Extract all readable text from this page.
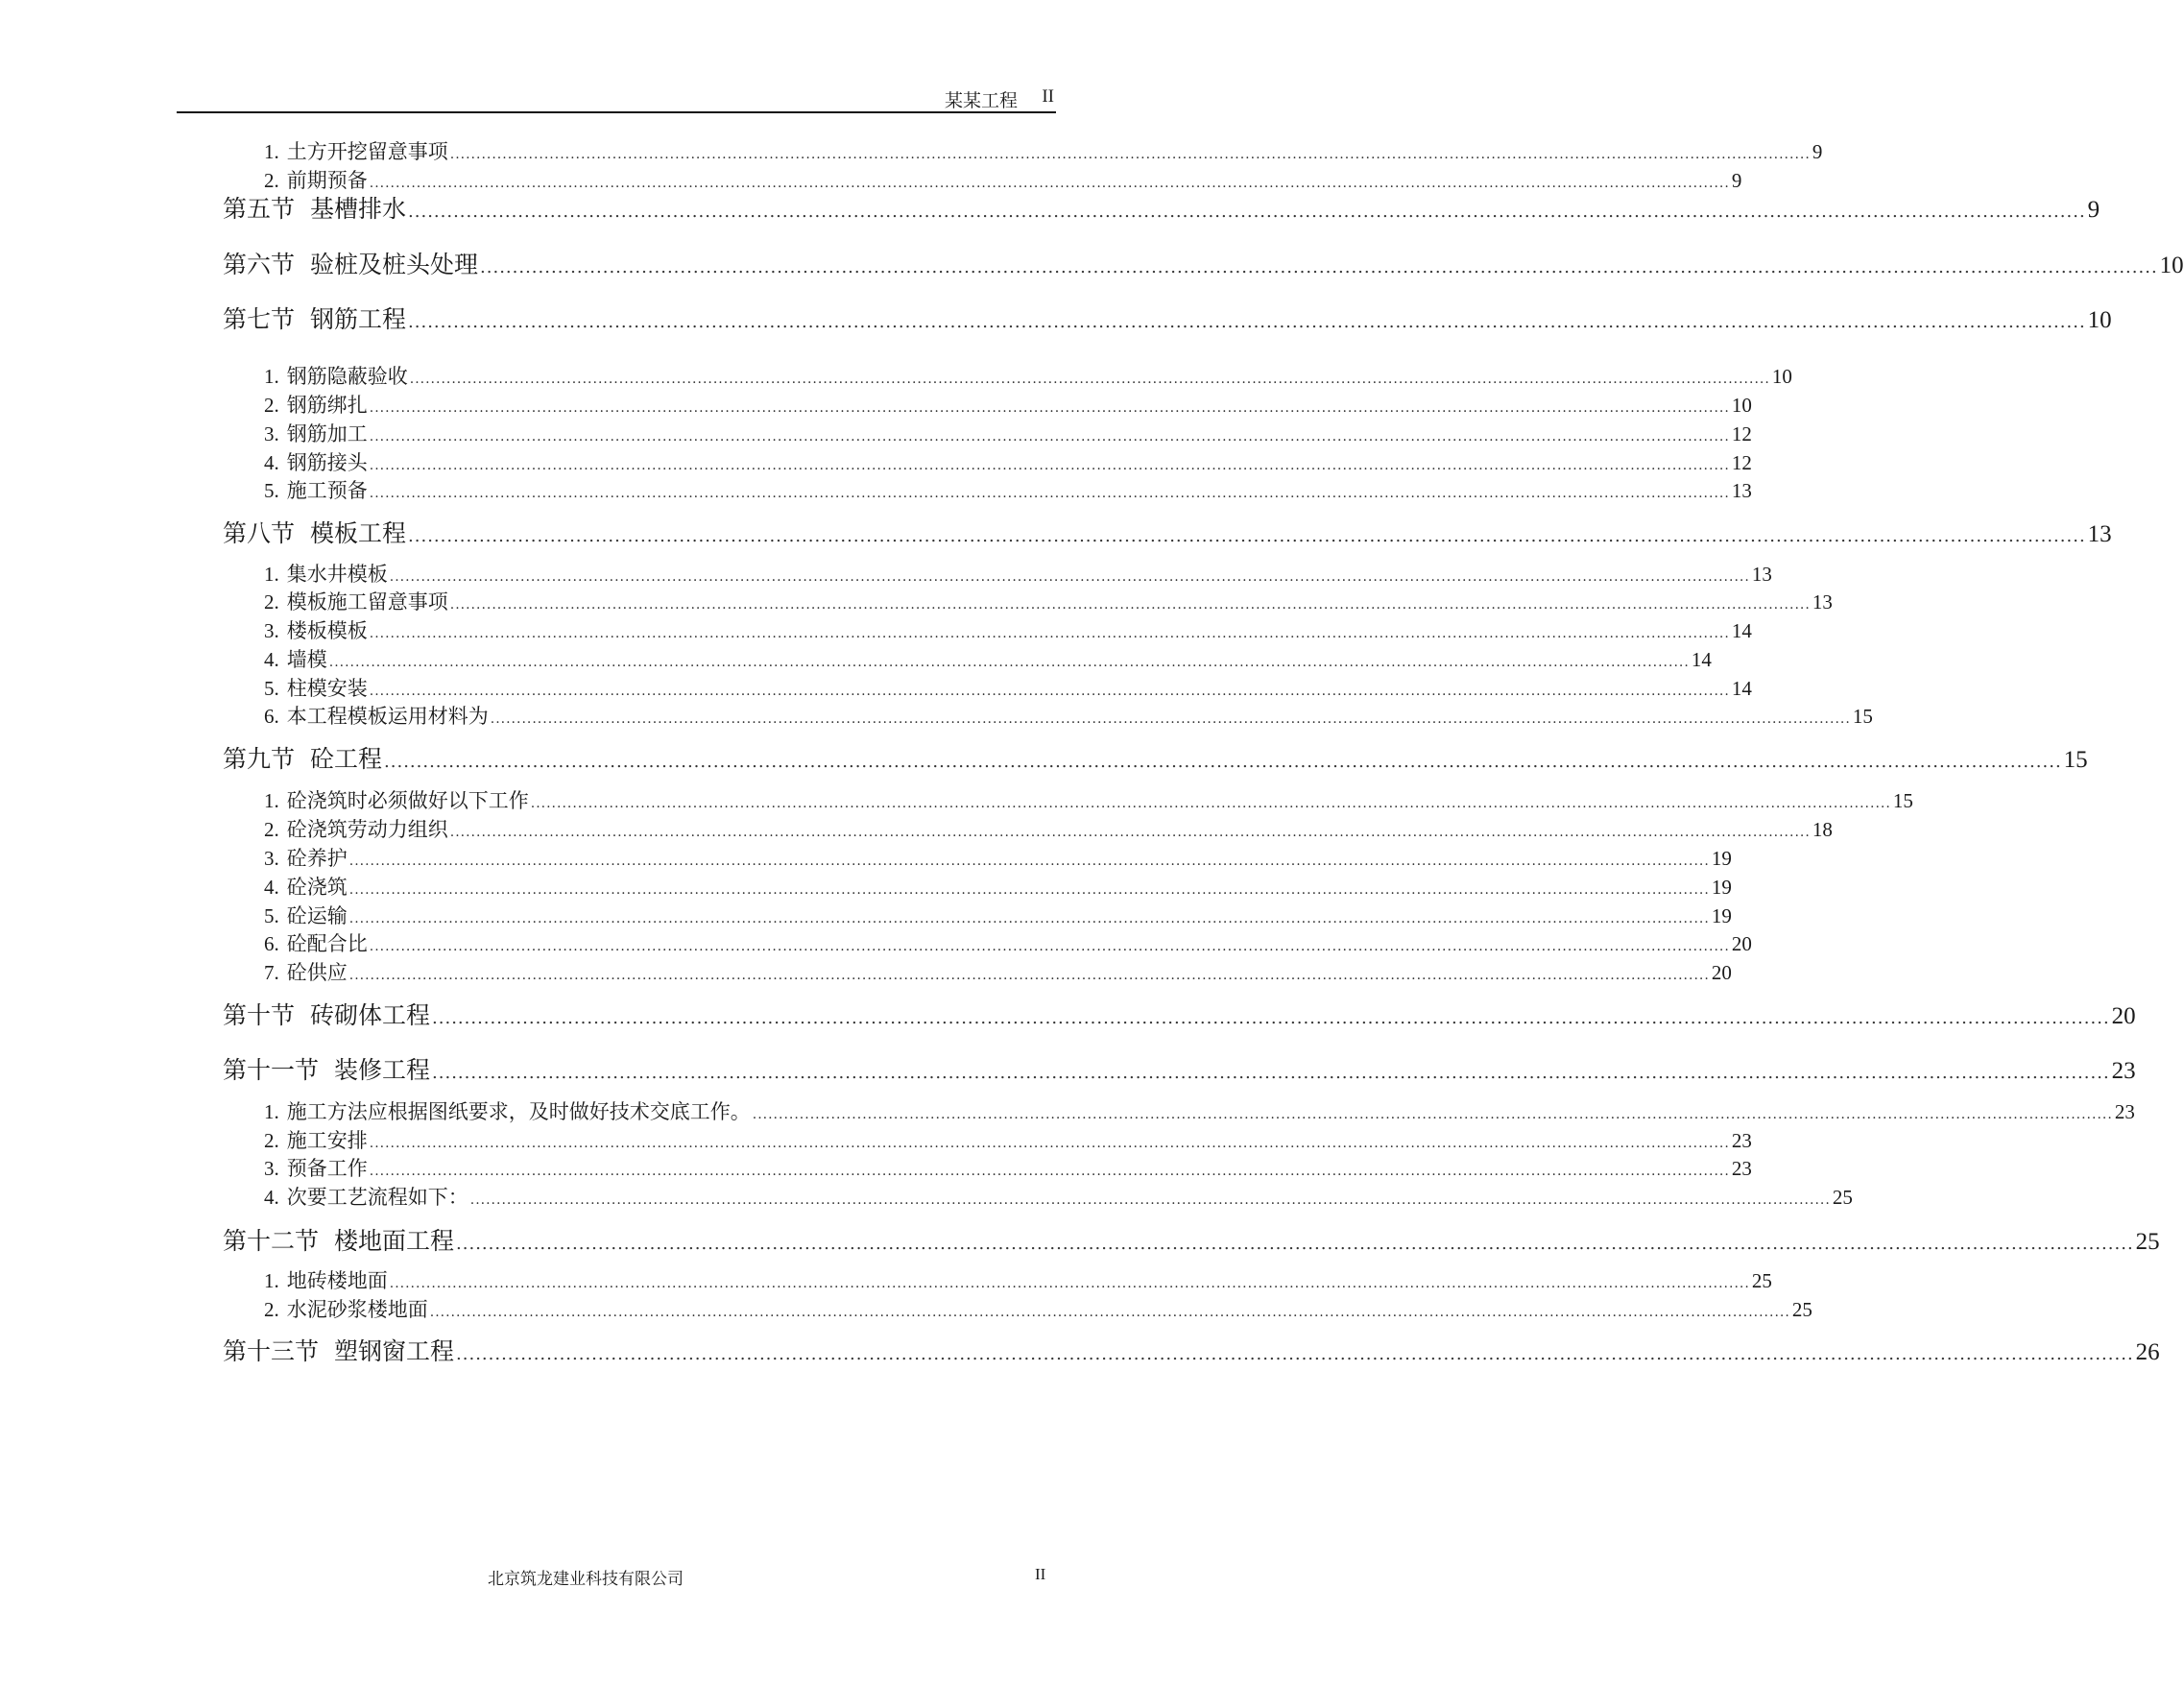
某某工程 II
1. 土方开挖留意事项 .................................................................................................................................................................................................................................................................... 9
2. 前期预备 .................................................................................................................................................................................................................................................................... 9
第五节 基槽排水 .................................................................................................................................................................................................................................................................... 9
第六节 验桩及桩头处理 .................................................................................................................................................................................................................................................................... 10
第七节 钢筋工程 .................................................................................................................................................................................................................................................................... 10
1. 钢筋隐蔽验收 .................................................................................................................................................................................................................................................................... 10
2. 钢筋绑扎 .................................................................................................................................................................................................................................................................... 10
3. 钢筋加工 .................................................................................................................................................................................................................................................................... 12
4. 钢筋接头 .................................................................................................................................................................................................................................................................... 12
5. 施工预备 .................................................................................................................................................................................................................................................................... 13
第八节 模板工程 .................................................................................................................................................................................................................................................................... 13
1. 集水井模板 .................................................................................................................................................................................................................................................................... 13
2. 模板施工留意事项 .................................................................................................................................................................................................................................................................... 13
3. 楼板模板 .................................................................................................................................................................................................................................................................... 14
4. 墙模 .................................................................................................................................................................................................................................................................... 14
5. 柱模安装 .................................................................................................................................................................................................................................................................... 14
6. 本工程模板运用材料为 .................................................................................................................................................................................................................................................................... 15
第九节 砼工程 .................................................................................................................................................................................................................................................................... 15
1. 砼浇筑时必须做好以下工作 .................................................................................................................................................................................................................................................................... 15
2. 砼浇筑劳动力组织 .................................................................................................................................................................................................................................................................... 18
3. 砼养护 .................................................................................................................................................................................................................................................................... 19
4. 砼浇筑 .................................................................................................................................................................................................................................................................... 19
5. 砼运输 .................................................................................................................................................................................................................................................................... 19
6. 砼配合比 .................................................................................................................................................................................................................................................................... 20
7. 砼供应 .................................................................................................................................................................................................................................................................... 20
第十节 砖砌体工程 .................................................................................................................................................................................................................................................................... 20
第十一节 装修工程 .................................................................................................................................................................................................................................................................... 23
1. 施工方法应根据图纸要求，及时做好技术交底工作。 .................................................................................................................................................................................................................................................................... 23
2. 施工安排 .................................................................................................................................................................................................................................................................... 23
3. 预备工作 .................................................................................................................................................................................................................................................................... 23
4. 次要工艺流程如下： .................................................................................................................................................................................................................................................................... 25
第十二节 楼地面工程 .................................................................................................................................................................................................................................................................... 25
1. 地砖楼地面 .................................................................................................................................................................................................................................................................... 25
2. 水泥砂浆楼地面 .................................................................................................................................................................................................................................................................... 25
第十三节 塑钢窗工程 .................................................................................................................................................................................................................................................................... 26
北京筑龙建业科技有限公司	II
